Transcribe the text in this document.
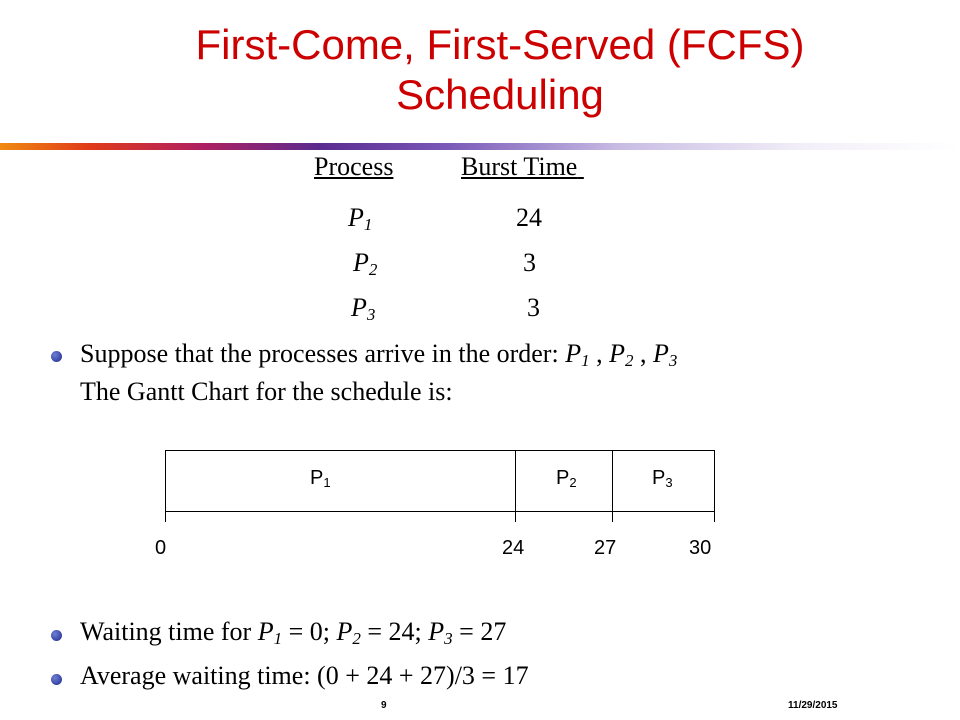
First-Come, First-Served (FCFS)
Scheduling
Process	Burst Time
$P_1$	24
$P_2$	3
$P_3$	3
Suppose that the processes arrive in the order: $P_1$ , $P_2$ , $P_3$
The Gantt Chart for the schedule is:
$P_1$	$P_2$	$P_3$
0	24	27	30
Waiting time for $P_1 = 0$; $P_2 = 24$; $P_3 = 27$
Average waiting time: (0 + 24 + 27)/3 = 17
9	11/29/2015
